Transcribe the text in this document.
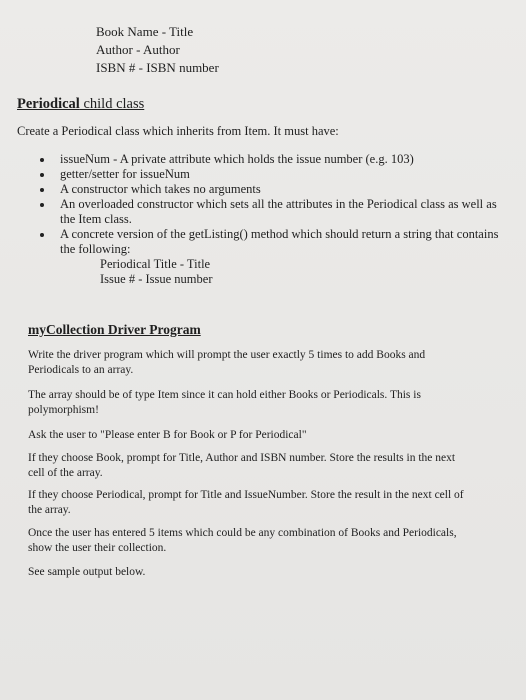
Book Name - Title
Author - Author
ISBN # - ISBN number
Periodical child class
Create a Periodical class which inherits from Item. It must have:
issueNum - A private attribute which holds the issue number (e.g. 103)
getter/setter for issueNum
A constructor which takes no arguments
An overloaded constructor which sets all the attributes in the Periodical class as well as the Item class.
A concrete version of the getListing() method which should return a string that contains the following:
Periodical Title - Title
Issue # - Issue number
myCollection Driver Program
Write the driver program which will prompt the user exactly 5 times to add Books and Periodicals to an array.
The array should be of type Item since it can hold either Books or Periodicals. This is polymorphism!
Ask the user to "Please enter B for Book or P for Periodical"
If they choose Book, prompt for Title, Author and ISBN number. Store the results in the next cell of the array.
If they choose Periodical, prompt for Title and IssueNumber. Store the result in the next cell of the array.
Once the user has entered 5 items which could be any combination of Books and Periodicals, show the user their collection.
See sample output below.
